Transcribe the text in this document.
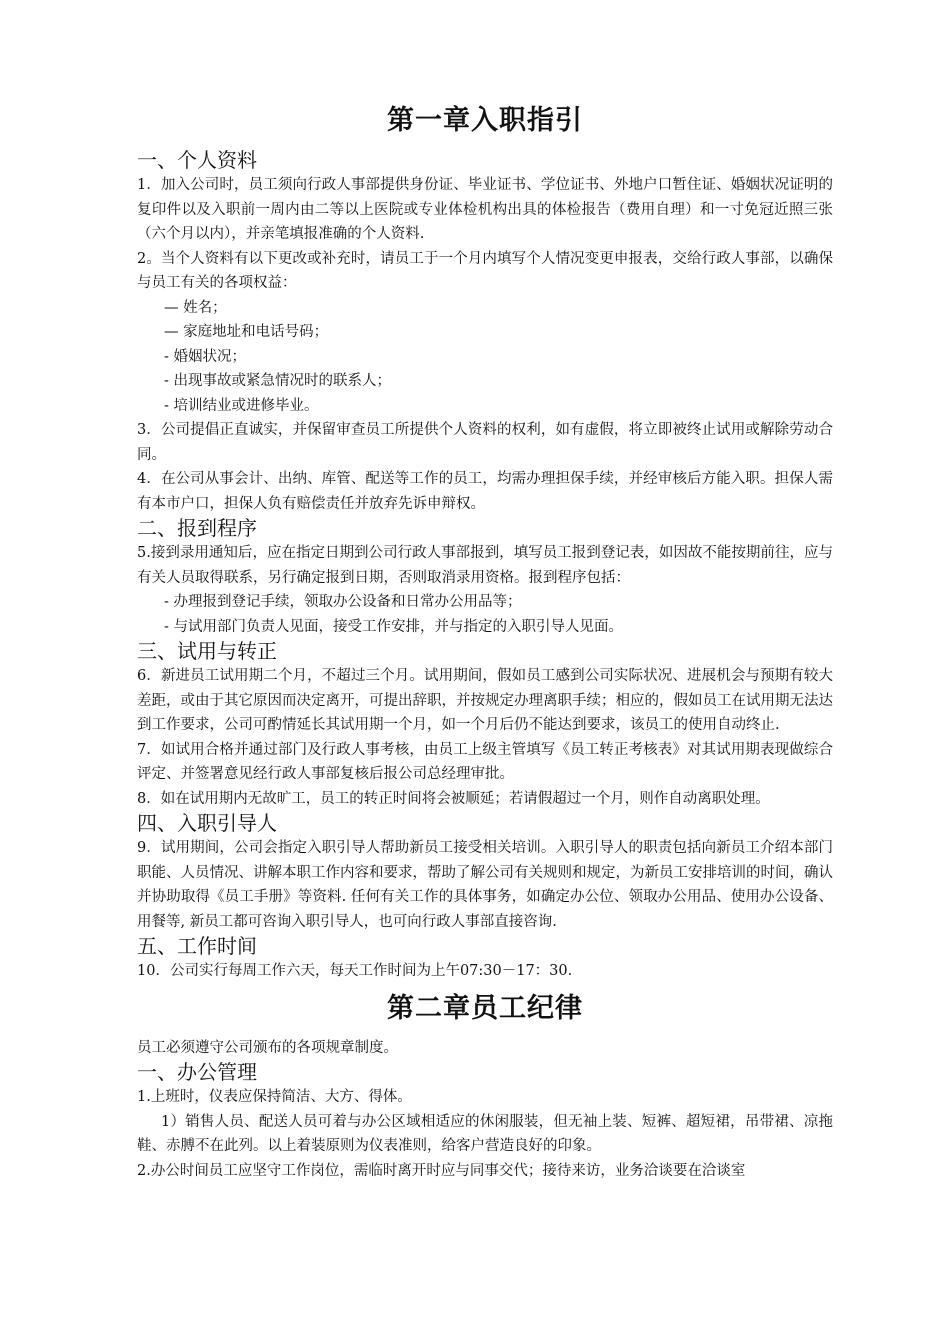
第一章入职指引
一、个人资料

1．加入公司时，员工须向行政人事部提供身份证、毕业证书、学位证书、外地户口暂住证、婚姻状况证明的复印件以及入职前一周内由二等以上医院或专业体检机构出具的体检报告（费用自理）和一寸免冠近照三张（六个月以内），并亲笔填报准确的个人资料.

2。当个人资料有以下更改或补充时，请员工于一个月内填写个人情况变更申报表，交给行政人事部，以确保与员工有关的各项权益：

— 姓名；

— 家庭地址和电话号码；

- 婚姻状况；

- 出现事故或紧急情况时的联系人；

- 培训结业或进修毕业。

3．公司提倡正直诚实，并保留审查员工所提供个人资料的权利，如有虚假，将立即被终止试用或解除劳动合同。

4．在公司从事会计、出纳、库管、配送等工作的员工，均需办理担保手续，并经审核后方能入职。担保人需有本市户口，担保人负有赔偿责任并放弃先诉申辩权。

二、报到程序

5.接到录用通知后，应在指定日期到公司行政人事部报到，填写员工报到登记表，如因故不能按期前往，应与有关人员取得联系，另行确定报到日期，否则取消录用资格。报到程序包括：

- 办理报到登记手续，领取办公设备和日常办公用品等；

- 与试用部门负责人见面，接受工作安排，并与指定的入职引导人见面。

三、试用与转正

6．新进员工试用期二个月，不超过三个月。试用期间，假如员工感到公司实际状况、进展机会与预期有较大差距，或由于其它原因而决定离开，可提出辞职，并按规定办理离职手续；相应的，假如员工在试用期无法达到工作要求，公司可酌情延长其试用期一个月，如一个月后仍不能达到要求，该员工的使用自动终止.

7．如试用合格并通过部门及行政人事考核，由员工上级主管填写《员工转正考核表》对其试用期表现做综合评定、并签署意见经行政人事部复核后报公司总经理审批。

8．如在试用期内无故旷工，员工的转正时间将会被顺延；若请假超过一个月，则作自动离职处理。

四、入职引导人

9．试用期间，公司会指定入职引导人帮助新员工接受相关培训。入职引导人的职责包括向新员工介绍本部门职能、人员情况、讲解本职工作内容和要求，帮助了解公司有关规则和规定，为新员工安排培训的时间，确认并协助取得《员工手册》等资料. 任何有关工作的具体事务，如确定办公位、领取办公用品、使用办公设备、用餐等, 新员工都可咨询入职引导人，也可向行政人事部直接咨询.

五、工作时间

10．公司实行每周工作六天，每天工作时间为上午07:30－17：30.

第二章员工纪律

员工必须遵守公司颁布的各项规章制度。

一、办公管理

1.上班时，仪表应保持简洁、大方、得体。

1）销售人员、配送人员可着与办公区域相适应的休闲服装，但无袖上装、短裤、超短裙，吊带裙、凉拖鞋、赤膊不在此列。以上着装原则为仪表准则，给客户营造良好的印象。

2.办公时间员工应坚守工作岗位，需临时离开时应与同事交代；接待来访，业务洽谈要在洽谈室
